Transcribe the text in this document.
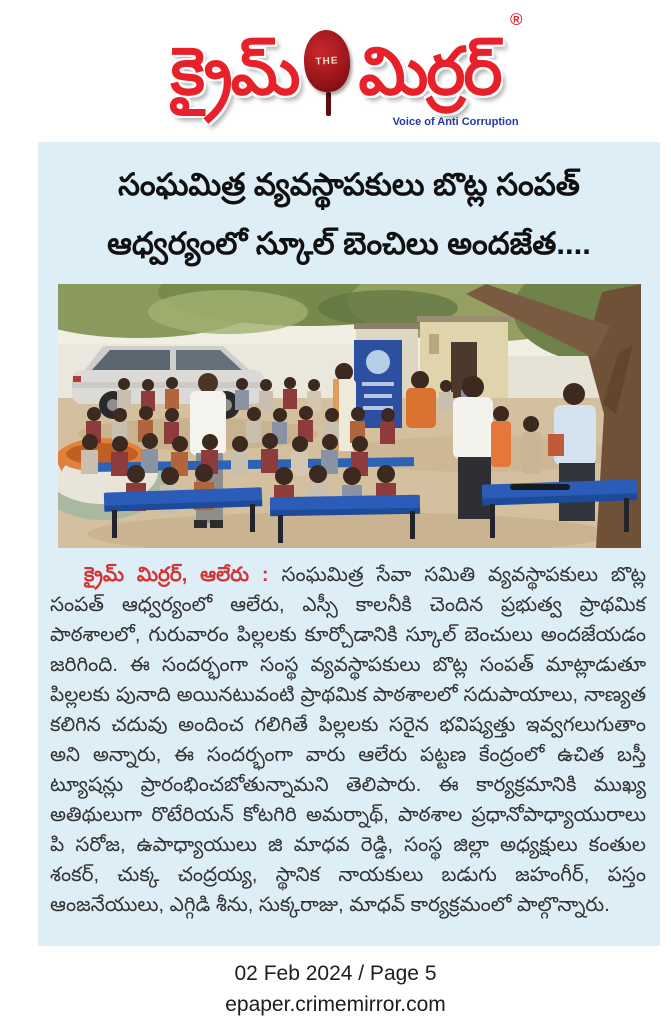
క్రైమ్ THE మిర్రర్
®
Voice of Anti Corruption
సంఘమిత్ర వ్యవస్థాపకులు బొట్ల సంపత్
ఆధ్వర్యంలో స్కూల్ బెంచిలు అందజేత....

క్రైమ్ మిర్రర్, ఆలేరు : సంఘమిత్ర సేవా సమితి వ్యవస్థాపకులు బొట్ల సంపత్ ఆధ్వర్యంలో ఆలేరు, ఎస్సీ కాలనీకి చెందిన ప్రభుత్వ ప్రాథమిక పాఠశాలలో, గురువారం పిల్లలకు కూర్చోడానికి స్కూల్ బెంచులు అందజేయడం జరిగింది. ఈ సందర్భంగా సంస్థ వ్యవస్థాపకులు బొట్ల సంపత్ మాట్లాడుతూ పిల్లలకు పునాది అయినటువంటి ప్రాథమిక పాఠశాలలో సదుపాయాలు, నాణ్యత కలిగిన చదువు అందించ గలిగితే పిల్లలకు సరైన భవిష్యత్తు ఇవ్వగలుగుతాం అని అన్నారు, ఈ సందర్భంగా వారు ఆలేరు పట్టణ కేంద్రంలో ఉచిత బస్తీ ట్యూషన్లు ప్రారంభించబోతున్నామని తెలిపారు. ఈ కార్యక్రమానికి ముఖ్య అతిథులుగా రొటేరియన్ కోటగిరి అమర్నాథ్, పాఠశాల ప్రధానోపాధ్యాయురాలు పి సరోజ, ఉపాధ్యాయులు జి మాధవ రెడ్డి, సంస్థ జిల్లా అధ్యక్షులు కంతుల శంకర్, చుక్క చంద్రయ్య, స్థానిక నాయకులు బడుగు జహంగీర్, పస్తం ఆంజనేయులు, ఎగ్గిడి శీను, సుక్కరాజు, మాధవ్ కార్యక్రమంలో పాల్గొన్నారు.

02 Feb 2024 / Page 5
epaper.crimemirror.com
